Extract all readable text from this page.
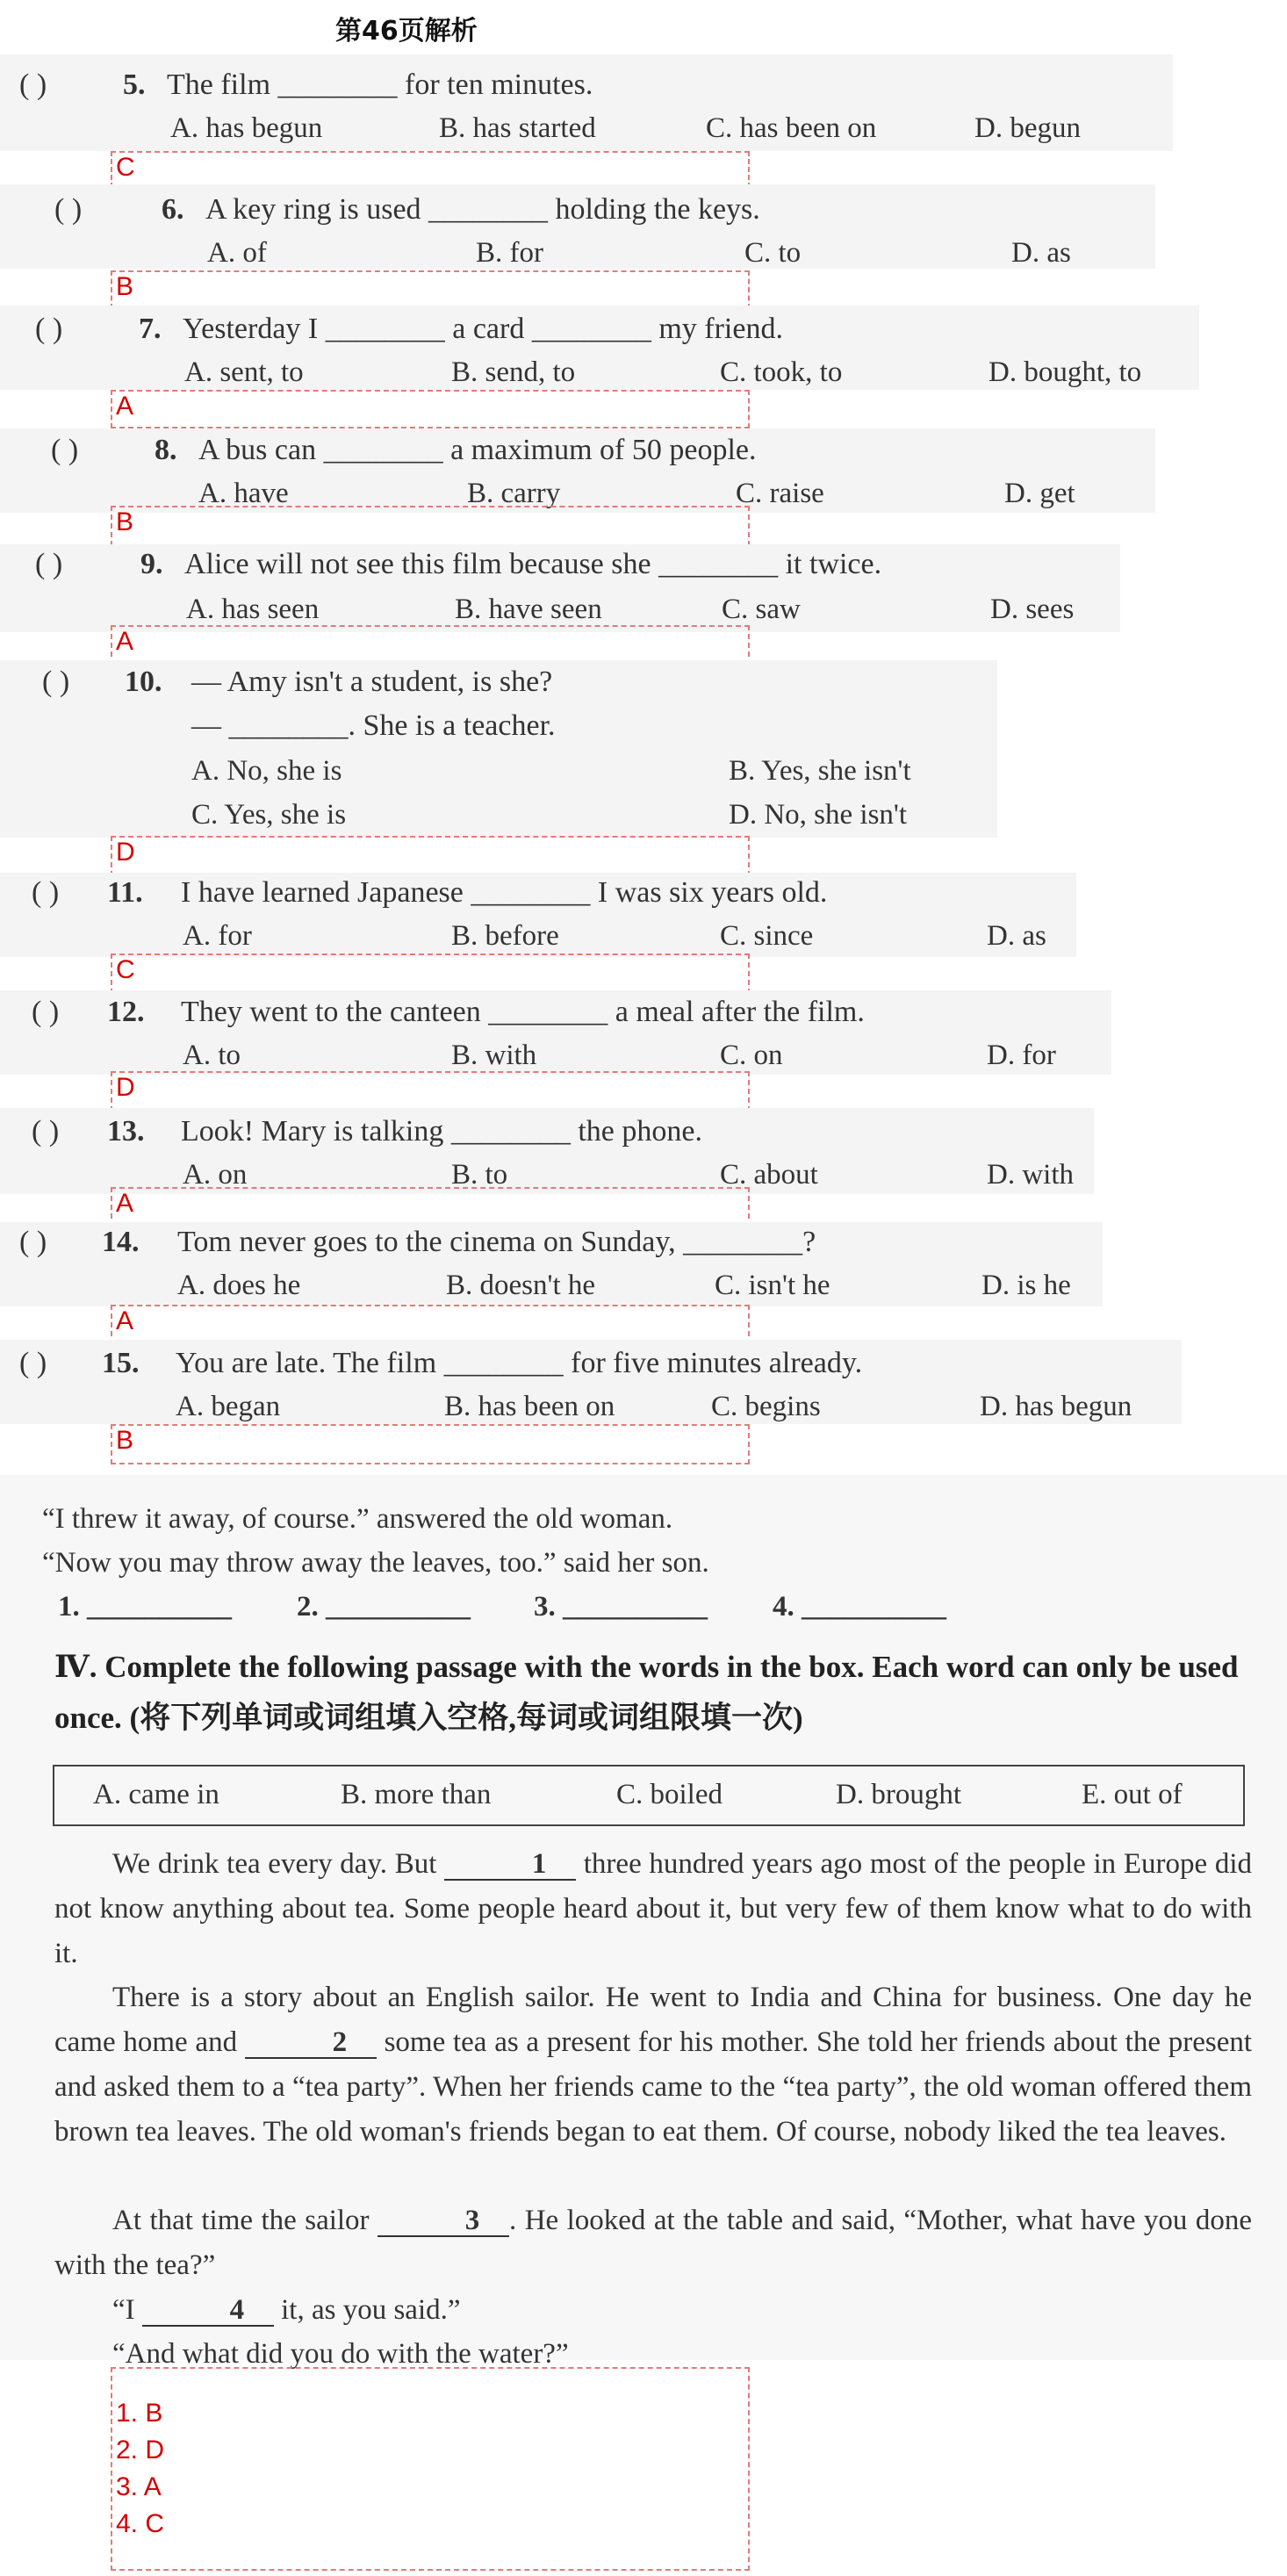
第46页解析
( )	5. The film ________ for ten minutes.
A. has begun	B. has started	C. has been on	D. begun
C
( )	6. A key ring is used ________ holding the keys.
A. of	B. for	C. to	D. as
B
( )	7. Yesterday I ________ a card ________ my friend.
A. sent, to	B. send, to	C. took, to	D. bought, to
A
( )	8. A bus can ________ a maximum of 50 people.
A. have	B. carry	C. raise	D. get
B
( )	9. Alice will not see this film because she ________ it twice.
A. has seen	B. have seen	C. saw	D. sees
A
( ) 10. — Amy isn't a student, is she?
— ________. She is a teacher.
A. No, she is	B. Yes, she isn't
C. Yes, she is	D. No, she isn't
D
( ) 11. I have learned Japanese ________ I was six years old.
A. for	B. before	C. since	D. as
C
( ) 12. They went to the canteen ________ a meal after the film.
A. to	B. with	C. on	D. for
D
( ) 13. Look! Mary is talking ________ the phone.
A. on	B. to	C. about	D. with
A
( ) 14. Tom never goes to the cinema on Sunday, ________?
A. does he	B. doesn't he	C. isn't he	D. is he
A
( ) 15. You are late. The film ________ for five minutes already.
A. began	B. has been on	C. begins	D. has begun
B
“I threw it away, of course.” answered the old woman.
“Now you may throw away the leaves, too.” said her son.
1. __________ 2. __________ 3. __________ 4. __________
Ⅳ. Complete the following passage with the words in the box. Each word can only be used once. (将下列单词或词组填入空格,每词或词组限填一次)
A. came in	B. more than	C. boiled	D. brought	E. out of
We drink tea every day. But	1 three hundred years ago most of the people in Europe did not know anything about tea. Some people heard about it, but very few of them know what to do with it.
There is a story about an English sailor. He went to India and China for business. One day he came home and	2 some tea as a present for his mother. She told her friends about the present and asked them to a “tea party”. When her friends came to the “tea party”, the old woman offered them brown tea leaves. The old woman's friends began to eat them. Of course, nobody liked the tea leaves.
At that time the sailor	3 . He looked at the table and said, “Mother, what have you done with the tea?”
“I	4 it, as you said.”
“And what did you do with the water?”
1. B
2. D
3. A
4. C
